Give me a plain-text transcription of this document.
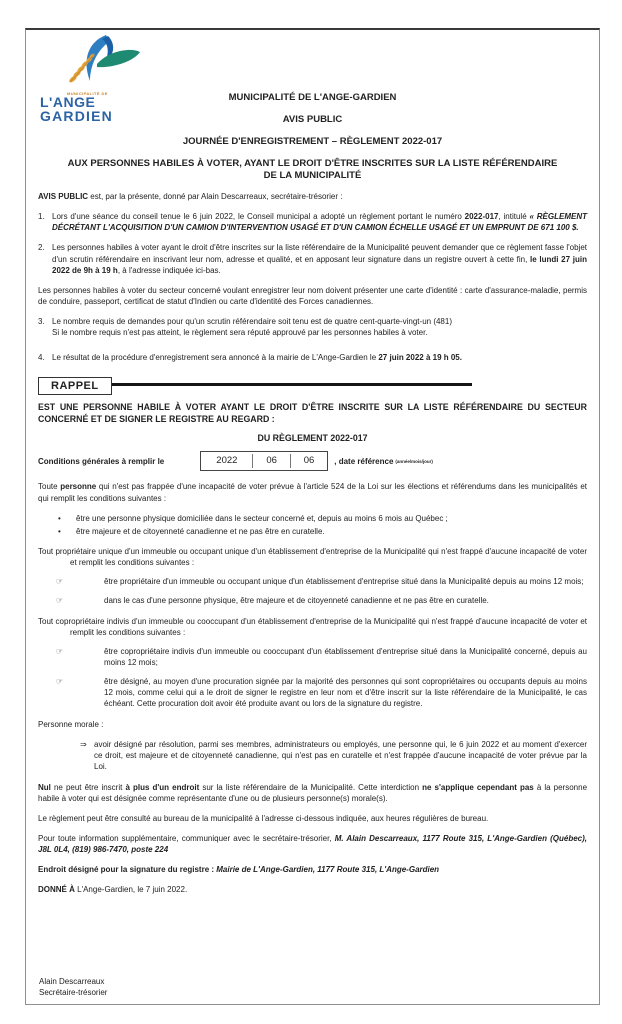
MUNICIPALITÉ DE
L'ANGE
GARDIEN
MUNICIPALITÉ DE L'ANGE-GARDIEN
AVIS PUBLIC
JOURNÉE D'ENREGISTREMENT – RÈGLEMENT 2022-017
AUX PERSONNES HABILES À VOTER, AYANT LE DROIT D'ÊTRE INSCRITES SUR LA LISTE RÉFÉRENDAIRE DE LA MUNICIPALITÉ

AVIS PUBLIC est, par la présente, donné par Alain Descarreaux, secrétaire-trésorier :

1. Lors d'une séance du conseil tenue le 6 juin 2022, le Conseil municipal a adopté un règlement portant le numéro 2022-017, intitulé « RÈGLEMENT DÉCRÉTANT L'ACQUISITION D'UN CAMION D'INTERVENTION USAGÉ ET D'UN CAMION ÉCHELLE USAGÉ ET UN EMPRUNT DE 671 100 $.
2. Les personnes habiles à voter ayant le droit d'être inscrites sur la liste référendaire de la Municipalité peuvent demander que ce règlement fasse l'objet d'un scrutin référendaire en inscrivant leur nom, adresse et qualité, et en apposant leur signature dans un registre ouvert à cette fin, le lundi 27 juin 2022 de 9h à 19 h, à l'adresse indiquée ici-bas.

Les personnes habiles à voter du secteur concerné voulant enregistrer leur nom doivent présenter une carte d'identité : carte d'assurance-maladie, permis de conduire, passeport, certificat de statut d'Indien ou carte d'identité des Forces canadiennes.

3. Le nombre requis de demandes pour qu'un scrutin référendaire soit tenu est de quatre cent-quarte-vingt-un (481)
Si le nombre requis n'est pas atteint, le règlement sera réputé approuvé par les personnes habiles à voter.
4. Le résultat de la procédure d'enregistrement sera annoncé à la mairie de L'Ange-Gardien le 27 juin 2022 à 19 h 05.
RAPPEL
EST UNE PERSONNE HABILE À VOTER AYANT LE DROIT D'ÊTRE INSCRITE SUR LA LISTE RÉFÉRENDAIRE DU SECTEUR CONCERNÉ ET DE SIGNER LE REGISTRE AU REGARD :
DU RÈGLEMENT 2022-017
Conditions générales à remplir le	2022	06	06	, date référence (année/mois/jour)

Toute personne qui n'est pas frappée d'une incapacité de voter prévue à l'article 524 de la Loi sur les élections et référendums dans les municipalités et qui remplit les conditions suivantes :

•	être une personne physique domiciliée dans le secteur concerné et, depuis au moins 6 mois au Québec ;
•	être majeure et de citoyenneté canadienne et ne pas être en curatelle.
Tout propriétaire unique d'un immeuble ou occupant unique d'un établissement d'entreprise de la Municipalité qui n'est frappé d'aucune incapacité de voter et remplit les conditions suivantes :
☞	être propriétaire d'un immeuble ou occupant unique d'un établissement d'entreprise situé dans la Municipalité depuis au moins 12 mois;
☞	dans le cas d'une personne physique, être majeure et de citoyenneté canadienne et ne pas être en curatelle.
Tout copropriétaire indivis d'un immeuble ou cooccupant d'un établissement d'entreprise de la Municipalité qui n'est frappé d'aucune incapacité de voter et remplit les conditions suivantes :
☞	être copropriétaire indivis d'un immeuble ou cooccupant d'un établissement d'entreprise situé dans la Municipalité concerné, depuis au moins 12 mois;
☞	être désigné, au moyen d'une procuration signée par la majorité des personnes qui sont copropriétaires ou occupants depuis au moins 12 mois, comme celui qui a le droit de signer le registre en leur nom et d'être inscrit sur la liste référendaire de la Municipalité, le cas échéant. Cette procuration doit avoir été produite avant ou lors de la signature du registre.

Personne morale :

⇒ avoir désigné par résolution, parmi ses membres, administrateurs ou employés, une personne qui, le 6 juin 2022 et au moment d'exercer ce droit, est majeure et de citoyenneté canadienne, qui n'est pas en curatelle et n'est frappée d'aucune incapacité de voter prévue par la Loi.

Nul ne peut être inscrit à plus d'un endroit sur la liste référendaire de la Municipalité. Cette interdiction ne s'applique cependant pas à la personne habile à voter qui est désignée comme représentante d'une ou de plusieurs personne(s) morale(s).

Le règlement peut être consulté au bureau de la municipalité à l'adresse ci-dessous indiquée, aux heures régulières de bureau.

Pour toute information supplémentaire, communiquer avec le secrétaire-trésorier, M. Alain Descarreaux, 1177 Route 315, L'Ange-Gardien (Québec), J8L 0L4, (819) 986-7470, poste 224

Endroit désigné pour la signature du registre : Mairie de L'Ange-Gardien, 1177 Route 315, L'Ange-Gardien

DONNÉ À L'Ange-Gardien, le 7 juin 2022.

Alain Descarreaux
Secrétaire-trésorier
